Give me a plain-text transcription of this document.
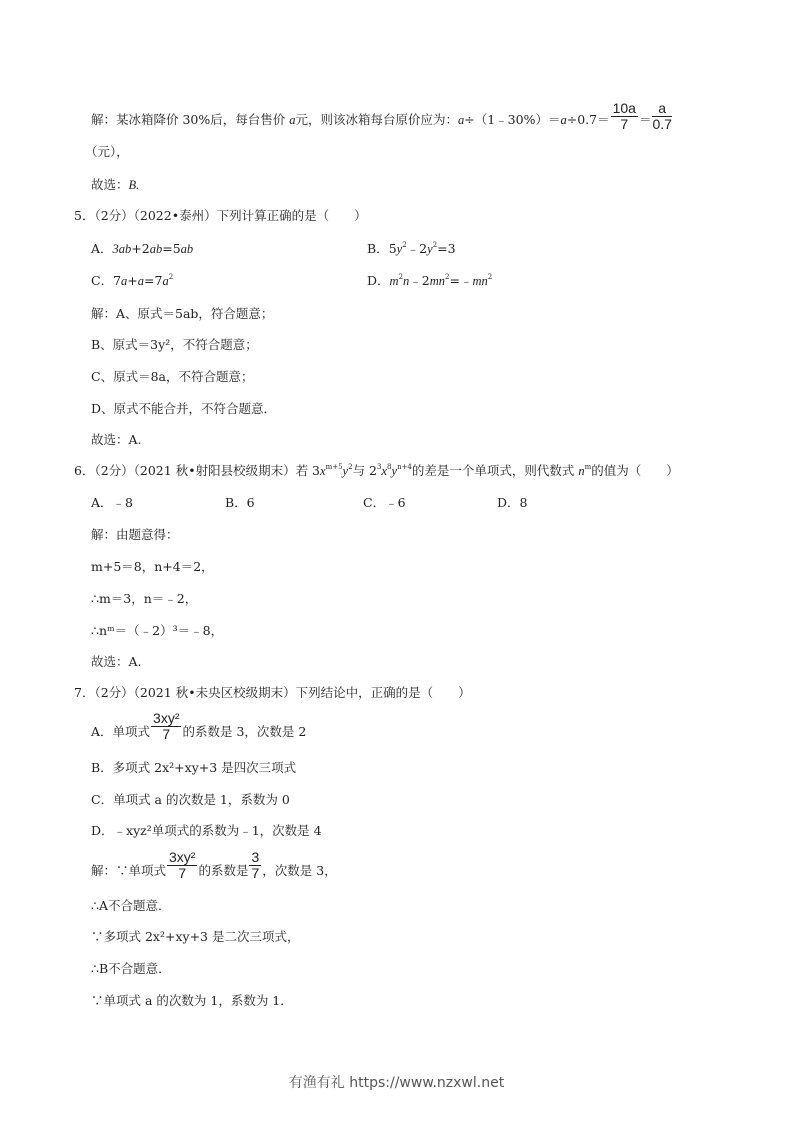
解：某冰箱降价 30%后，每台售价 a元，则该冰箱每台原价应为：a÷（1﹣30%）＝a÷0.7＝ $\frac{10a}{7} = \frac{a}{0.7}$
（元），
故选：B.
5．（2分）（2022•泰州）下列计算正确的是（　　）
A．3ab+2ab=5ab	B．$5y^2﹣2y^2=3$
C．$7a+a=7a^2$	D．$m^2n﹣2mn^2=﹣mn^2$
解：A、原式＝5ab，符合题意；
B、原式＝3y²，不符合题意；
C、原式＝8a，不符合题意；
D、原式不能合并，不符合题意．
故选：A.
6．（2分）（2021 秋•射阳县校级期末）若 $3x^{m+5}y^2$与 $2^3x^8y^{n+4}$的差是一个单项式，则代数式 $n^m$的值为（　　）
A．﹣8	B．6	C．﹣6	D．8
解：由题意得：
m+5＝8，n+4＝2，
∴m＝3，n＝﹣2，
∴nᵐ＝（﹣2）³＝﹣8，
故选：A.
7．（2分）（2021 秋•未央区校级期末）下列结论中，正确的是（　　）
A．单项式 $\frac{\text{3xy²}}{7}$ 的系数是 3，次数是 2
B．多项式 2x²+xy+3 是四次三项式
C．单项式 a 的次数是 1，系数为 0
D．﹣xyz²单项式的系数为﹣1，次数是 4
解：∵单项式 $\frac{\text{3xy²}}{7}$ 的系数是 $\frac{3}{7}$ ，次数是 3，
∴A不合题意．
∵多项式 2x²+xy+3 是二次三项式，
∴B不合题意．
∵单项式 a 的次数为 1，系数为 1．
有渔有礼 https://www.nzxwl.net
